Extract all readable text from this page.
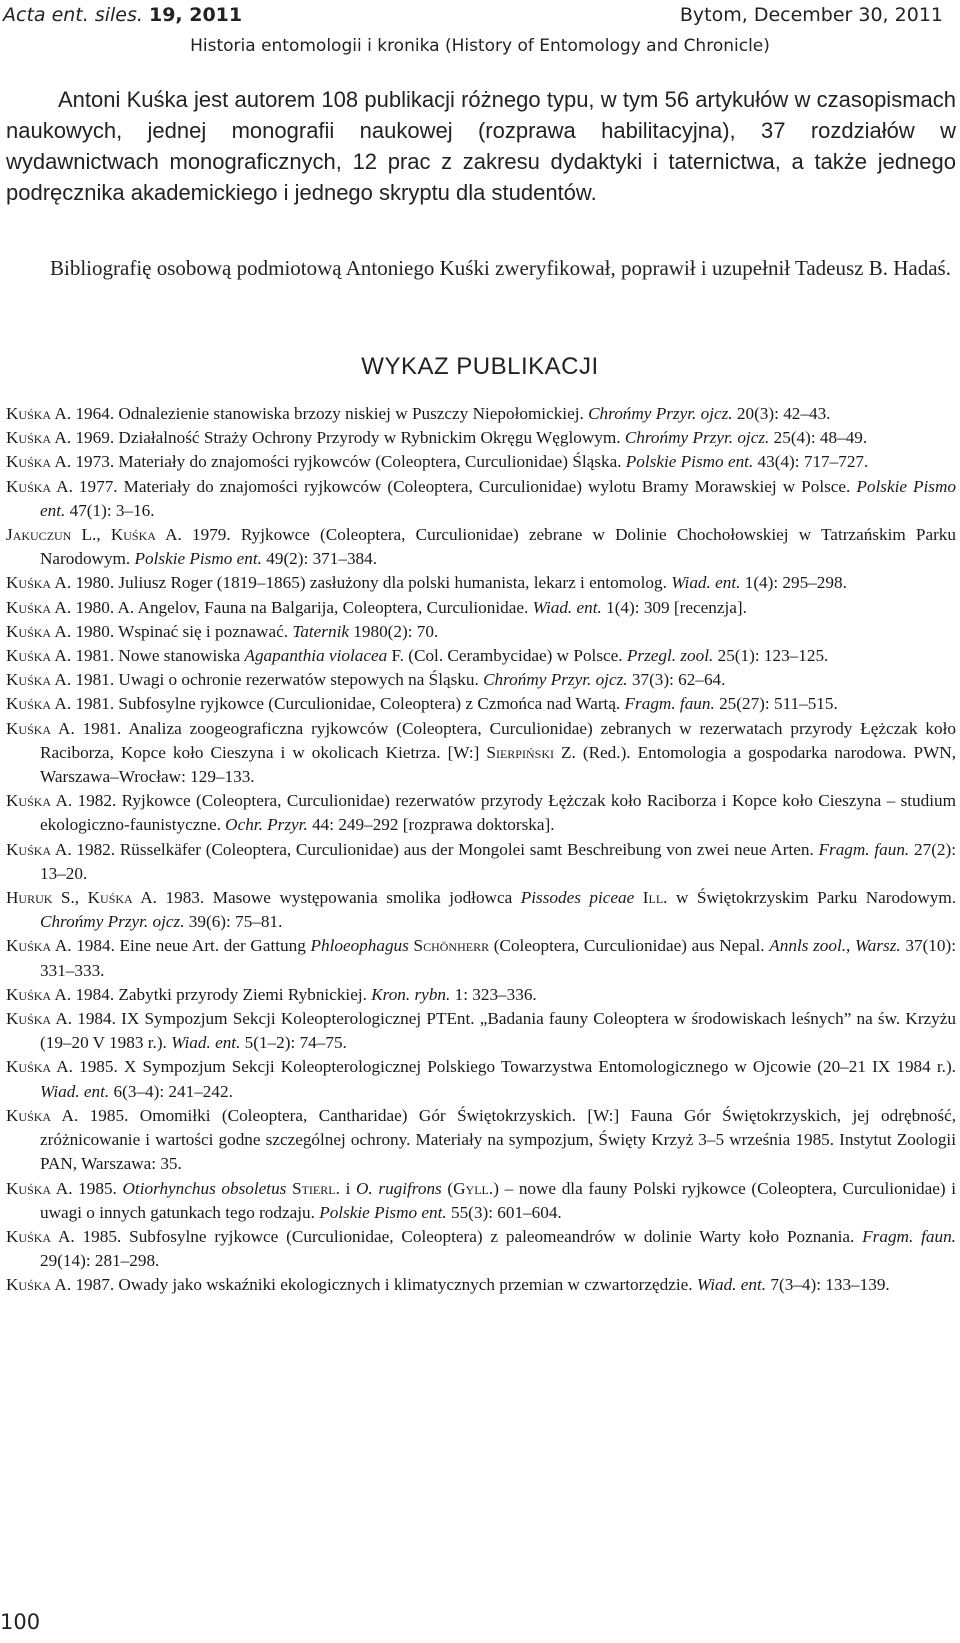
Acta ent. siles. 19, 2011	Bytom, December 30, 2011
Historia entomologii i kronika (History of Entomology and Chronicle)

Antoni Kuśka jest autorem 108 publikacji różnego typu, w tym 56 artykułów w czasopismach naukowych, jednej monografii naukowej (rozprawa habilitacyjna), 37 rozdziałów w wydawnictwach monograficznych, 12 prac z zakresu dydaktyki i taternictwa, a także jednego podręcznika akademickiego i jednego skryptu dla studentów.

Bibliografię osobową podmiotową Antoniego Kuśki zweryfikował, poprawił i uzupełnił Tadeusz B. Hadaś.

WYKAZ PUBLIKACJI
Kuśka A. 1964. Odnalezienie stanowiska brzozy niskiej w Puszczy Niepołomickiej. Chrońmy Przyr. ojcz. 20(3): 42–43.
Kuśka A. 1969. Działalność Straży Ochrony Przyrody w Rybnickim Okręgu Węglowym. Chrońmy Przyr. ojcz. 25(4): 48–49.
Kuśka A. 1973. Materiały do znajomości ryjkowców (Coleoptera, Curculionidae) Śląska. Polskie Pismo ent. 43(4): 717–727.
Kuśka A. 1977. Materiały do znajomości ryjkowców (Coleoptera, Curculionidae) wylotu Bramy Morawskiej w Polsce. Polskie Pismo ent. 47(1): 3–16.
Jakuczun L., Kuśka A. 1979. Ryjkowce (Coleoptera, Curculionidae) zebrane w Dolinie Chochołowskiej w Tatrzańskim Parku Narodowym. Polskie Pismo ent. 49(2): 371–384.
Kuśka A. 1980. Juliusz Roger (1819–1865) zasłużony dla polski humanista, lekarz i entomolog. Wiad. ent. 1(4): 295–298.
Kuśka A. 1980. A. Angelov, Fauna na Balgarija, Coleoptera, Curculionidae. Wiad. ent. 1(4): 309 [recenzja].
Kuśka A. 1980. Wspinać się i poznawać. Taternik 1980(2): 70.
Kuśka A. 1981. Nowe stanowiska Agapanthia violacea F. (Col. Cerambycidae) w Polsce. Przegl. zool. 25(1): 123–125.
Kuśka A. 1981. Uwagi o ochronie rezerwatów stepowych na Śląsku. Chrońmy Przyr. ojcz. 37(3): 62–64.
Kuśka A. 1981. Subfosylne ryjkowce (Curculionidae, Coleoptera) z Czmońca nad Wartą. Fragm. faun. 25(27): 511–515.
Kuśka A. 1981. Analiza zoogeograficzna ryjkowców (Coleoptera, Curculionidae) zebranych w rezerwatach przyrody Łężczak koło Raciborza, Kopce koło Cieszyna i w okolicach Kietrza. [W:] Sierpiński Z. (Red.). Entomologia a gospodarka narodowa. PWN, Warszawa–Wrocław: 129–133.
Kuśka A. 1982. Ryjkowce (Coleoptera, Curculionidae) rezerwatów przyrody Łężczak koło Raciborza i Kopce koło Cieszyna – studium ekologiczno-faunistyczne. Ochr. Przyr. 44: 249–292 [rozprawa doktorska].
Kuśka A. 1982. Rüsselkäfer (Coleoptera, Curculionidae) aus der Mongolei samt Beschreibung von zwei neue Arten. Fragm. faun. 27(2): 13–20.
Huruk S., Kuśka A. 1983. Masowe występowania smolika jodłowca Pissodes piceae Ill. w Świętokrzyskim Parku Narodowym. Chrońmy Przyr. ojcz. 39(6): 75–81.
Kuśka A. 1984. Eine neue Art. der Gattung Phloeophagus Schönherr (Coleoptera, Curculionidae) aus Nepal. Annls zool., Warsz. 37(10): 331–333.
Kuśka A. 1984. Zabytki przyrody Ziemi Rybnickiej. Kron. rybn. 1: 323–336.
Kuśka A. 1984. IX Sympozjum Sekcji Koleopterologicznej PTEnt. „Badania fauny Coleoptera w środowiskach leśnych” na św. Krzyżu (19–20 V 1983 r.). Wiad. ent. 5(1–2): 74–75.
Kuśka A. 1985. X Sympozjum Sekcji Koleopterologicznej Polskiego Towarzystwa Entomologicznego w Ojcowie (20–21 IX 1984 r.). Wiad. ent. 6(3–4): 241–242.
Kuśka A. 1985. Omomiłki (Coleoptera, Cantharidae) Gór Świętokrzyskich. [W:] Fauna Gór Świętokrzyskich, jej odrębność, zróżnicowanie i wartości godne szczególnej ochrony. Materiały na sympozjum, Święty Krzyż 3–5 września 1985. Instytut Zoologii PAN, Warszawa: 35.
Kuśka A. 1985. Otiorhynchus obsoletus Stierl. i O. rugifrons (Gyll.) – nowe dla fauny Polski ryjkowce (Coleoptera, Curculionidae) i uwagi o innych gatunkach tego rodzaju. Polskie Pismo ent. 55(3): 601–604.
Kuśka A. 1985. Subfosylne ryjkowce (Curculionidae, Coleoptera) z paleomeandrów w dolinie Warty koło Poznania. Fragm. faun. 29(14): 281–298.
Kuśka A. 1987. Owady jako wskaźniki ekologicznych i klimatycznych przemian w czwartorzędzie. Wiad. ent. 7(3–4): 133–139.
100
